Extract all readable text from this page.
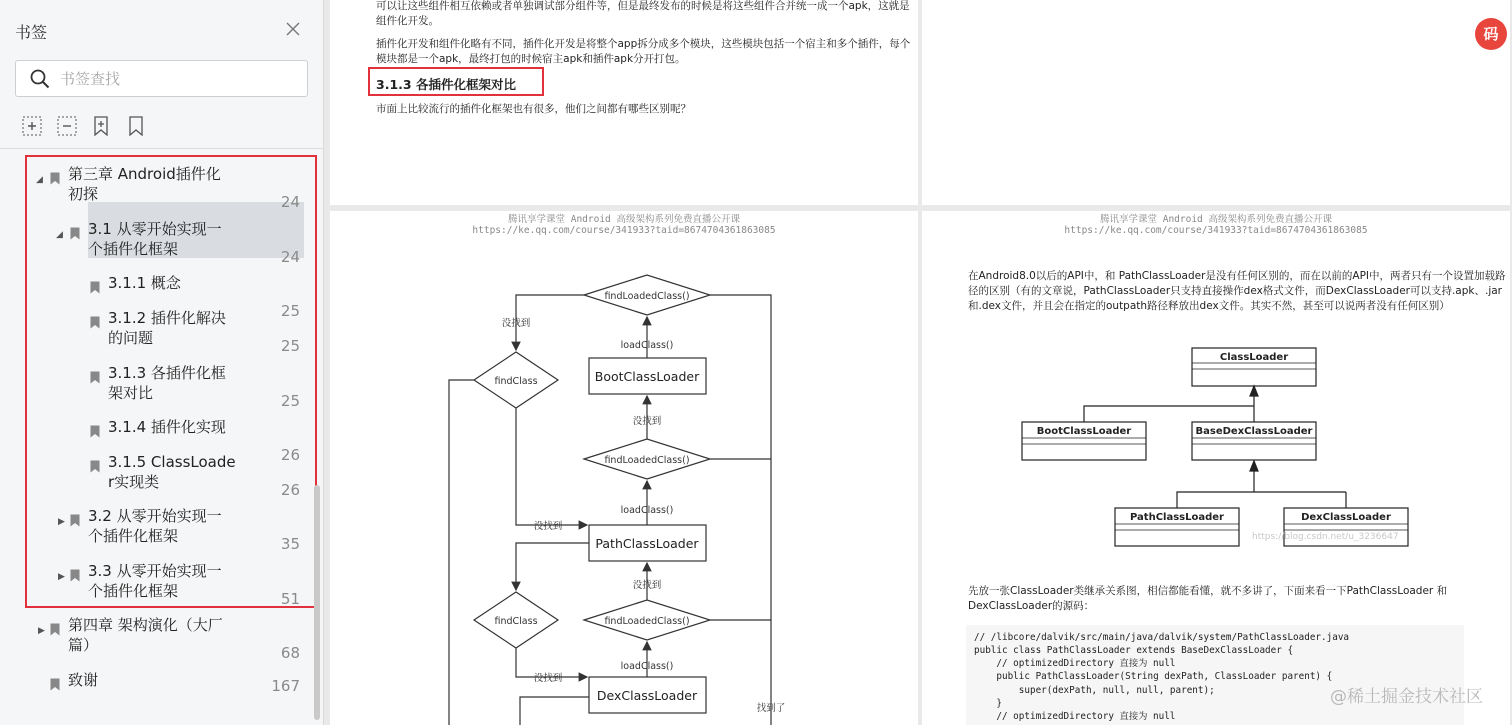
书签
书签查找
◢ 第三章 Android插件化
初探	24
◢ 3.1 从零开始实现一
个插件化框架	24
3.1.1 概念
25
3.1.2 插件化解决
的问题	25
3.1.3 各插件化框
架对比	25
3.1.4 插件化实现
26
3.1.5 ClassLoade
r实现类	26
▶ 3.2 从零开始实现一
个插件化框架	35
▶ 3.3 从零开始实现一
个插件化框架	51
▶ 第四章 架构演化（大厂
篇）	68
致谢	167
可以让这些组件相互依赖或者单独调试部分组件等，但是最终发布的时候是将这些组件合并统一成一个apk，这就是
组件化开发。
插件化开发和组件化略有不同，插件化开发是将整个app拆分成多个模块，这些模块包括一个宿主和多个插件，每个
模块都是一个apk，最终打包的时候宿主apk和插件apk分开打包。
3.1.3 各插件化框架对比
市面上比较流行的插件化框架也有很多，他们之间都有哪些区别呢？
腾讯享学课堂 Android 高级架构系列免费直播公开课
https://ke.qq.com/course/341933?taid=8674704361863085
findLoadedClass()
findLoadedClass()
findLoadedClass()
findClass
findClass
loadClass()
loadClass()
loadClass()
没找到
没找到
没找到
没找到
没找到
找到了
BootClassLoader
PathClassLoader
DexClassLoader
腾讯享学课堂 Android 高级架构系列免费直播公开课
https://ke.qq.com/course/341933?taid=8674704361863085
在Android8.0以后的API中，和 PathClassLoader是没有任何区别的，而在以前的API中，两者只有一个设置加载路
径的区别（有的文章说，PathClassLoader只支持直接操作dex格式文件，而DexClassLoader可以支持.apk、.jar
和.dex文件，并且会在指定的outpath路径释放出dex文件。其实不然，甚至可以说两者没有任何区别）
ClassLoader
BootClassLoader	BaseDexClassLoader
PathClassLoader	DexClassLoader
https://blog.csdn.net/u_3236647
先放一张ClassLoader类继承关系图，相信都能看懂，就不多讲了，下面来看一下PathClassLoader 和
DexClassLoader的源码：
// /libcore/dalvik/src/main/java/dalvik/system/PathClassLoader.java
public class PathClassLoader extends BaseDexClassLoader {
// optimizedDirectory 直接为 null
public PathClassLoader(String dexPath, ClassLoader parent) {
super(dexPath, null, null, parent);
}
// optimizedDirectory 直接为 null
码
@稀土掘金技术社区
